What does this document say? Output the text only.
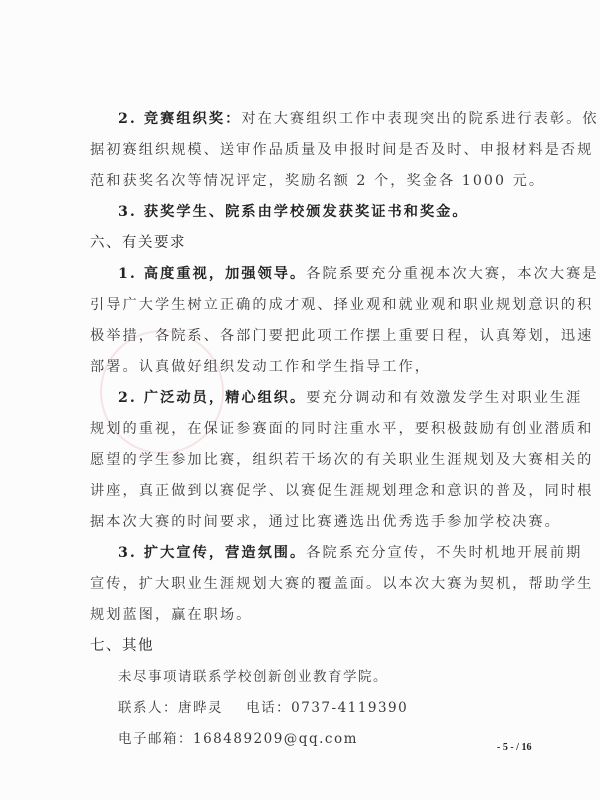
2. 竞赛组织奖：对在大赛组织工作中表现突出的院系进行表彰。依
据初赛组织规模、送审作品质量及申报时间是否及时、申报材料是否规
范和获奖名次等情况评定，奖励名额 2 个，奖金各 1000 元。
3. 获奖学生、院系由学校颁发获奖证书和奖金。
六、有关要求
1. 高度重视，加强领导。各院系要充分重视本次大赛，本次大赛是
引导广大学生树立正确的成才观、择业观和就业观和职业规划意识的积
极举措，各院系、各部门要把此项工作摆上重要日程，认真筹划，迅速
部署。认真做好组织发动工作和学生指导工作，
2. 广泛动员，精心组织。要充分调动和有效激发学生对职业生涯
规划的重视，在保证参赛面的同时注重水平，要积极鼓励有创业潜质和
愿望的学生参加比赛，组织若干场次的有关职业生涯规划及大赛相关的
讲座，真正做到以赛促学、以赛促生涯规划理念和意识的普及，同时根
据本次大赛的时间要求，通过比赛遴选出优秀选手参加学校决赛。
3. 扩大宣传，营造氛围。各院系充分宣传，不失时机地开展前期
宣传，扩大职业生涯规划大赛的覆盖面。以本次大赛为契机，帮助学生
规划蓝图，赢在职场。
七、其他
未尽事项请联系学校创新创业教育学院。
联系人：唐晔灵    电话：0737-4119390
电子邮箱：168489209@qq.com
- 5 - / 16
